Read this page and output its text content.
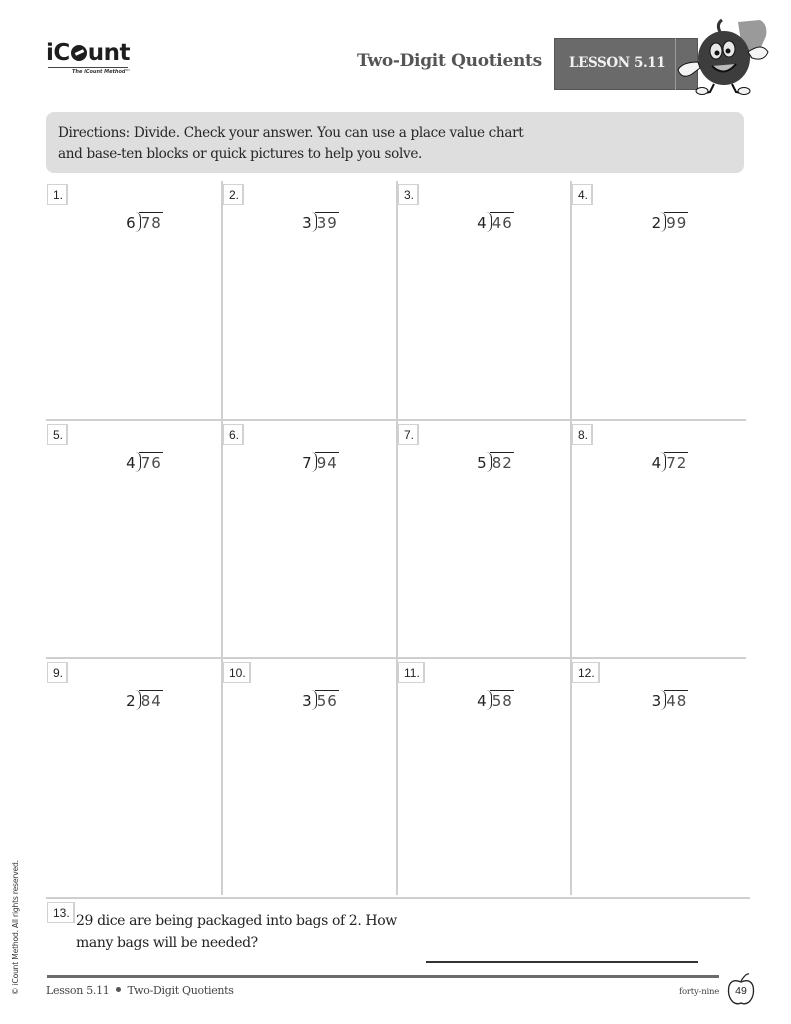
iC unt
The iCount Method™
Two-Digit Quotients LESSON 5.11
Directions: Divide. Check your answer. You can use a place value chart
and base-ten blocks or quick pictures to help you solve.
1.
6 78
2.
3 39
3.
4 46
4.
2 99
5.
4 76
6.
7 94
7.
5 82
8.
4 72
9.
2 84
10.
3 56
11.
4 58
12.
3 48
13. 29 dice are being packaged into bags of 2. How
many bags will be needed?
Lesson 5.11 Two-Digit Quotients	forty-nine	49
© iCount Method. All rights reserved.
